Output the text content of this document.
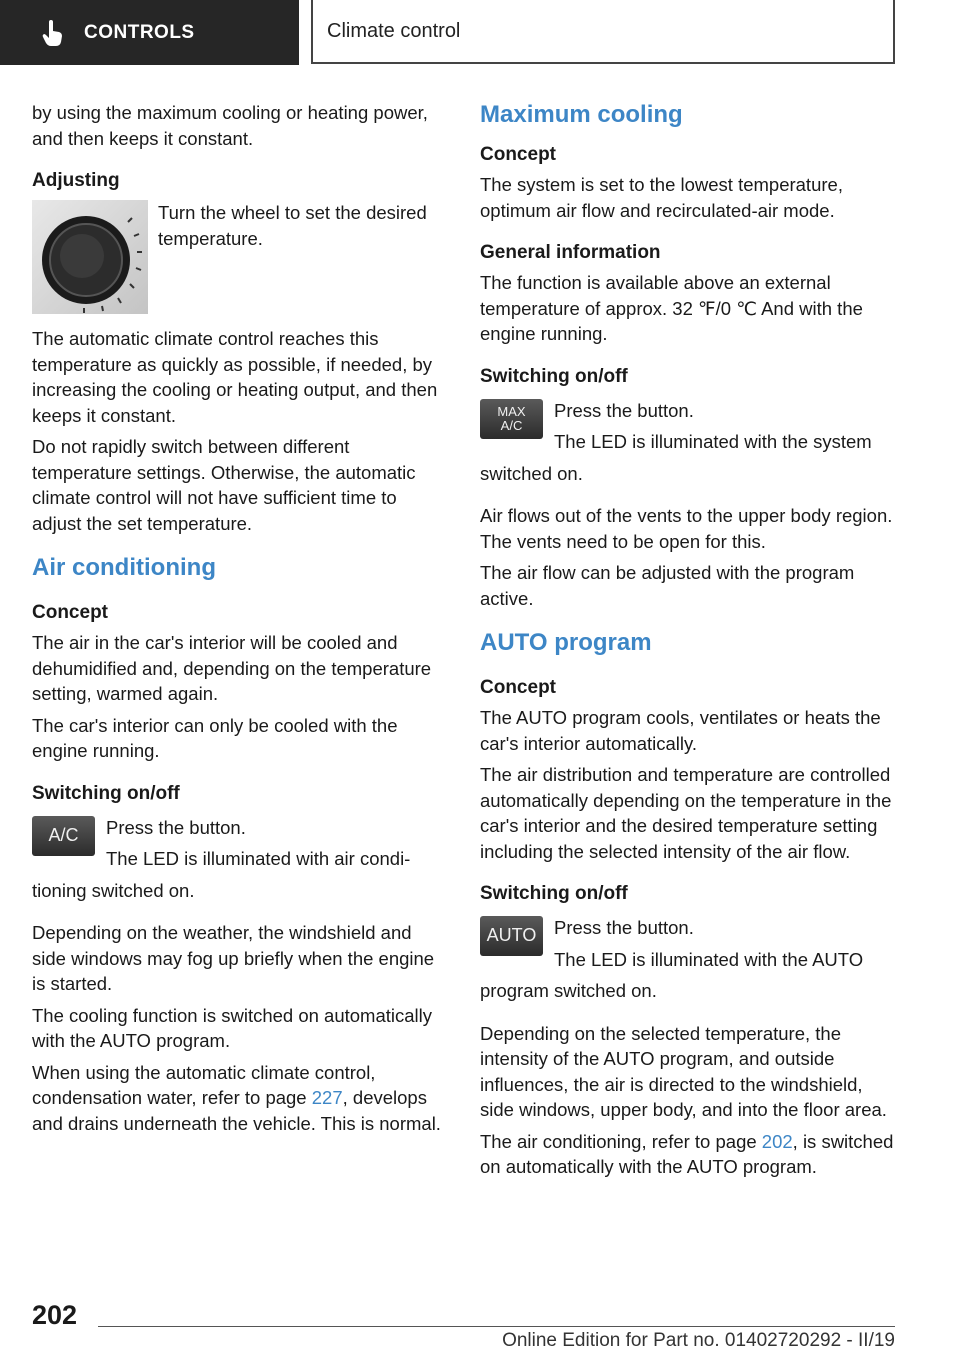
CONTROLS	Climate control

by using the maximum cooling or heating power, and then keeps it constant.

Adjusting
Turn the wheel to set the desired temperature.

The automatic climate control reaches this temperature as quickly as possible, if needed, by increasing the cooling or heating output, and then keeps it constant.

Do not rapidly switch between different temperature settings. Otherwise, the automatic climate control will not have sufficient time to adjust the set temperature.

Air conditioning
Concept

The air in the car's interior will be cooled and dehumidified and, depending on the temperature setting, warmed again.

The car's interior can only be cooled with the engine running.

Switching on/off
A/C Press the button.

The LED is illuminated with air condi-

tioning switched on.

Depending on the weather, the windshield and side windows may fog up briefly when the engine is started.

The cooling function is switched on automatically with the AUTO program.

When using the automatic climate control, condensation water, refer to page 227, develops and drains underneath the vehicle. This is normal.

Maximum cooling
Concept

The system is set to the lowest temperature, optimum air flow and recirculated-air mode.

General information

The function is available above an external temperature of approx. 32 ℉/0 ℃ And with the engine running.

Switching on/off
MAX
A/C

Press the button.

The LED is illuminated with the system

switched on.

Air flows out of the vents to the upper body region. The vents need to be open for this.

The air flow can be adjusted with the program active.

AUTO program
Concept

The AUTO program cools, ventilates or heats the car's interior automatically.

The air distribution and temperature are controlled automatically depending on the temperature in the car's interior and the desired temperature setting including the selected intensity of the air flow.

Switching on/off
AUTO Press the button.

The LED is illuminated with the AUTO

program switched on.

Depending on the selected temperature, the intensity of the AUTO program, and outside influences, the air is directed to the windshield, side windows, upper body, and into the floor area.

The air conditioning, refer to page 202, is switched on automatically with the AUTO program.

202
Online Edition for Part no. 01402720292 - II/19
